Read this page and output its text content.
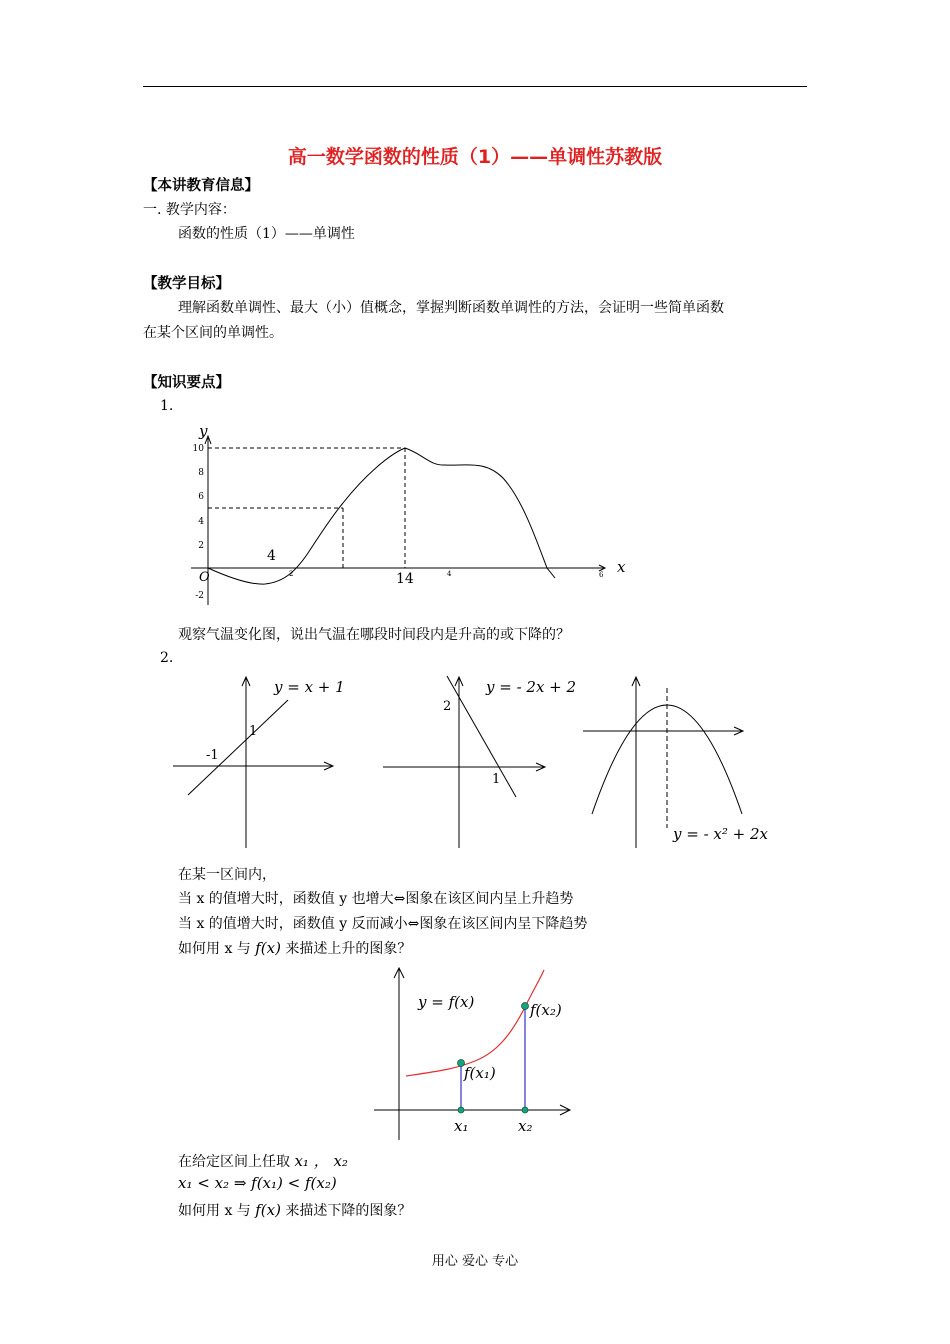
高一数学函数的性质（1）——单调性苏教版
【本讲教育信息】
一. 教学内容：
函数的性质（1）——单调性
【教学目标】
理解函数单调性、最大（小）值概念，掌握判断函数单调性的方法，会证明一些简单函数
在某个区间的单调性。
【知识要点】
1.
y
x
O
10
8
6
4
2
-2
2	4	6
4
14
观察气温变化图，说出气温在哪段时间段内是升高的或下降的？
2.
y = x + 1
1
-1
y = - 2x + 2
2
1
y = - x² + 2x
在某一区间内，
当 x 的值增大时，函数值 y 也增大⇔图象在该区间内呈上升趋势
当 x 的值增大时，函数值 y 反而减小⇔图象在该区间内呈下降趋势
如何用 x 与 f(x) 来描述上升的图象？
y = f(x)
f(x₁)
f(x₂)
x₁	x₂
在给定区间上任取 x₁ ， x₂
x₁ < x₂ ⇒ f(x₁) < f(x₂)
如何用 x 与 f(x) 来描述下降的图象？
用心 爱心 专心
